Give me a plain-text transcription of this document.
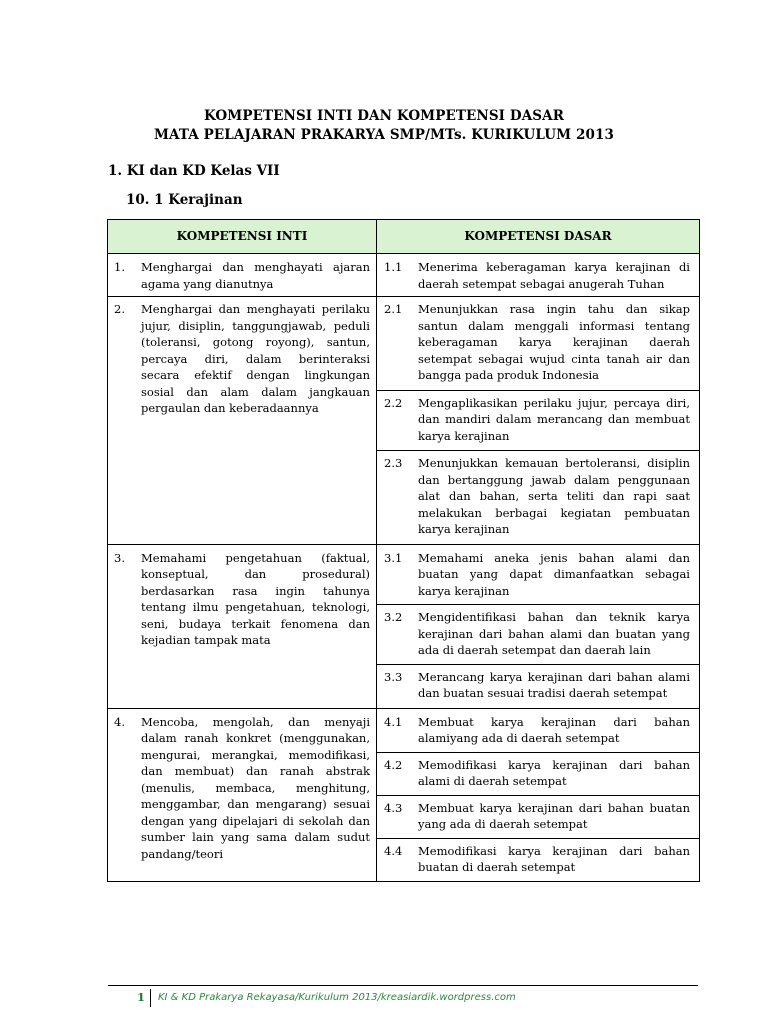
KOMPETENSI INTI DAN KOMPETENSI DASAR
MATA PELAJARAN PRAKARYA SMP/MTs. KURIKULUM 2013
1. KI dan KD Kelas VII
10. 1 Kerajinan
KOMPETENSI INTI	KOMPETENSI DASAR

1. Menghargai dan menghayati ajaran agama yang dianutnya	1.1 Menerima keberagaman karya kerajinan di daerah setempat sebagai anugerah Tuhan

2. Menghargai dan menghayati perilaku jujur, disiplin, tanggungjawab, peduli (toleransi, gotong royong), santun, percaya diri, dalam berinteraksi secara efektif dengan lingkungan sosial dan alam dalam jangkauan pergaulan dan keberadaannya	2.1 Menunjukkan rasa ingin tahu dan sikap santun dalam menggali informasi tentang keberagaman karya kerajinan daerah setempat sebagai wujud cinta tanah air dan bangga pada produk Indonesia

	2.2 Mengaplikasikan perilaku jujur, percaya diri, dan mandiri dalam merancang dan membuat karya kerajinan

	2.3 Menunjukkan kemauan bertoleransi, disiplin dan bertanggung jawab dalam penggunaan alat dan bahan, serta teliti dan rapi saat melakukan berbagai kegiatan pembuatan karya kerajinan

3. Memahami pengetahuan (faktual, konseptual, dan prosedural) berdasarkan rasa ingin tahunya tentang ilmu pengetahuan, teknologi, seni, budaya terkait fenomena dan kejadian tampak mata	3.1 Memahami aneka jenis bahan alami dan buatan yang dapat dimanfaatkan sebagai karya kerajinan

	3.2 Mengidentifikasi bahan dan teknik karya kerajinan dari bahan alami dan buatan yang ada di daerah setempat dan daerah lain

	3.3 Merancang karya kerajinan dari bahan alami dan buatan sesuai tradisi daerah setempat

4. Mencoba, mengolah, dan menyaji dalam ranah konkret (menggunakan, mengurai, merangkai, memodifikasi, dan membuat) dan ranah abstrak (menulis, membaca, menghitung, menggambar, dan mengarang) sesuai dengan yang dipelajari di sekolah dan sumber lain yang sama dalam sudut pandang/teori	4.1 Membuat karya kerajinan dari bahan alamiyang ada di daerah setempat

	4.2 Memodifikasi karya kerajinan dari bahan alami di daerah setempat

	4.3 Membuat karya kerajinan dari bahan buatan yang ada di daerah setempat

	4.4 Memodifikasi karya kerajinan dari bahan buatan di daerah setempat
1 KI & KD Prakarya Rekayasa/Kurikulum 2013/kreasiardik.wordpress.com
